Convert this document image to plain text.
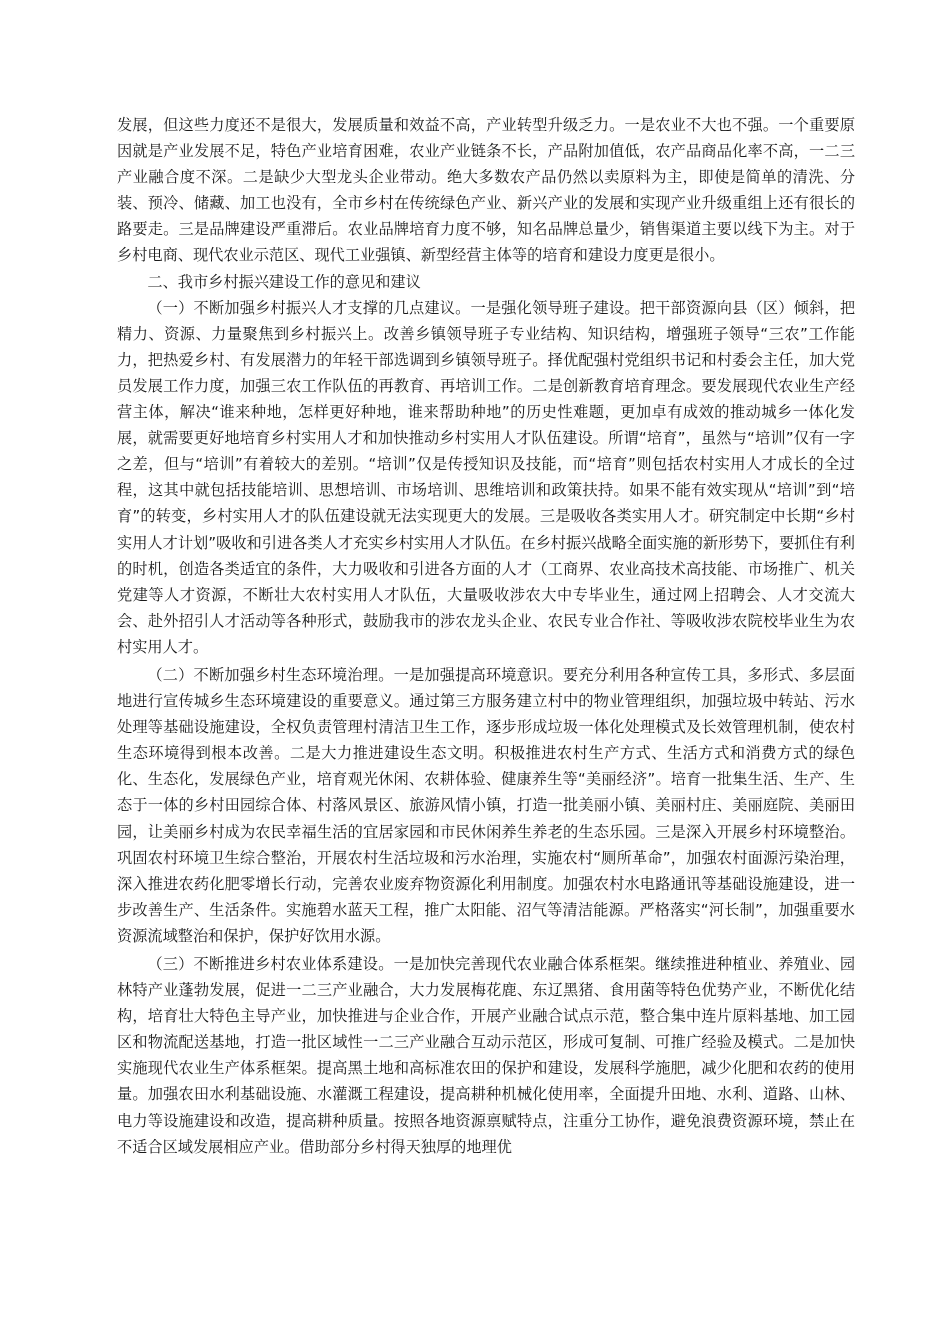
发展，但这些力度还不是很大，发展质量和效益不高，产业转型升级乏力。一是农业不大也不强。一个重要原因就是产业发展不足，特色产业培育困难，农业产业链条不长，产品附加值低，农产品商品化率不高，一二三产业融合度不深。二是缺少大型龙头企业带动。绝大多数农产品仍然以卖原料为主，即使是简单的清洗、分装、预冷、储藏、加工也没有，全市乡村在传统绿色产业、新兴产业的发展和实现产业升级重组上还有很长的路要走。三是品牌建设严重滞后。农业品牌培育力度不够，知名品牌总量少，销售渠道主要以线下为主。对于乡村电商、现代农业示范区、现代工业强镇、新型经营主体等的培育和建设力度更是很小。

二、我市乡村振兴建设工作的意见和建议

（一）不断加强乡村振兴人才支撑的几点建议。一是强化领导班子建设。把干部资源向县（区）倾斜，把精力、资源、力量聚焦到乡村振兴上。改善乡镇领导班子专业结构、知识结构，增强班子领导“三农”工作能力，把热爱乡村、有发展潜力的年轻干部选调到乡镇领导班子。择优配强村党组织书记和村委会主任，加大党员发展工作力度，加强三农工作队伍的再教育、再培训工作。二是创新教育培育理念。要发展现代农业生产经营主体，解决“谁来种地，怎样更好种地，谁来帮助种地”的历史性难题，更加卓有成效的推动城乡一体化发展，就需要更好地培育乡村实用人才和加快推动乡村实用人才队伍建设。所谓“培育”，虽然与“培训”仅有一字之差，但与“培训”有着较大的差别。“培训”仅是传授知识及技能，而“培育”则包括农村实用人才成长的全过程，这其中就包括技能培训、思想培训、市场培训、思维培训和政策扶持。如果不能有效实现从“培训”到“培育”的转变，乡村实用人才的队伍建设就无法实现更大的发展。三是吸收各类实用人才。研究制定中长期“乡村实用人才计划”吸收和引进各类人才充实乡村实用人才队伍。在乡村振兴战略全面实施的新形势下，要抓住有利的时机，创造各类适宜的条件，大力吸收和引进各方面的人才（工商界、农业高技术高技能、市场推广、机关党建等人才资源，不断壮大农村实用人才队伍，大量吸收涉农大中专毕业生，通过网上招聘会、人才交流大会、赴外招引人才活动等各种形式，鼓励我市的涉农龙头企业、农民专业合作社、等吸收涉农院校毕业生为农村实用人才。

（二）不断加强乡村生态环境治理。一是加强提高环境意识。要充分利用各种宣传工具，多形式、多层面地进行宣传城乡生态环境建设的重要意义。通过第三方服务建立村中的物业管理组织，加强垃圾中转站、污水处理等基础设施建设，全权负责管理村清洁卫生工作，逐步形成垃圾一体化处理模式及长效管理机制，使农村生态环境得到根本改善。二是大力推进建设生态文明。积极推进农村生产方式、生活方式和消费方式的绿色化、生态化，发展绿色产业，培育观光休闲、农耕体验、健康养生等“美丽经济”。培育一批集生活、生产、生态于一体的乡村田园综合体、村落风景区、旅游风情小镇，打造一批美丽小镇、美丽村庄、美丽庭院、美丽田园，让美丽乡村成为农民幸福生活的宜居家园和市民休闲养生养老的生态乐园。三是深入开展乡村环境整治。巩固农村环境卫生综合整治，开展农村生活垃圾和污水治理，实施农村“厕所革命”，加强农村面源污染治理，深入推进农药化肥零增长行动，完善农业废弃物资源化利用制度。加强农村水电路通讯等基础设施建设，进一步改善生产、生活条件。实施碧水蓝天工程，推广太阳能、沼气等清洁能源。严格落实“河长制”，加强重要水资源流域整治和保护，保护好饮用水源。

（三）不断推进乡村农业体系建设。一是加快完善现代农业融合体系框架。继续推进种植业、养殖业、园林特产业蓬勃发展，促进一二三产业融合，大力发展梅花鹿、东辽黑猪、食用菌等特色优势产业，不断优化结构，培育壮大特色主导产业，加快推进与企业合作，开展产业融合试点示范，整合集中连片原料基地、加工园区和物流配送基地，打造一批区域性一二三产业融合互动示范区，形成可复制、可推广经验及模式。二是加快实施现代农业生产体系框架。提高黑土地和高标准农田的保护和建设，发展科学施肥，减少化肥和农药的使用量。加强农田水利基础设施、水灌溉工程建设，提高耕种机械化使用率，全面提升田地、水利、道路、山林、电力等设施建设和改造，提高耕种质量。按照各地资源禀赋特点，注重分工协作，避免浪费资源环境，禁止在不适合区域发展相应产业。借助部分乡村得天独厚的地理优
